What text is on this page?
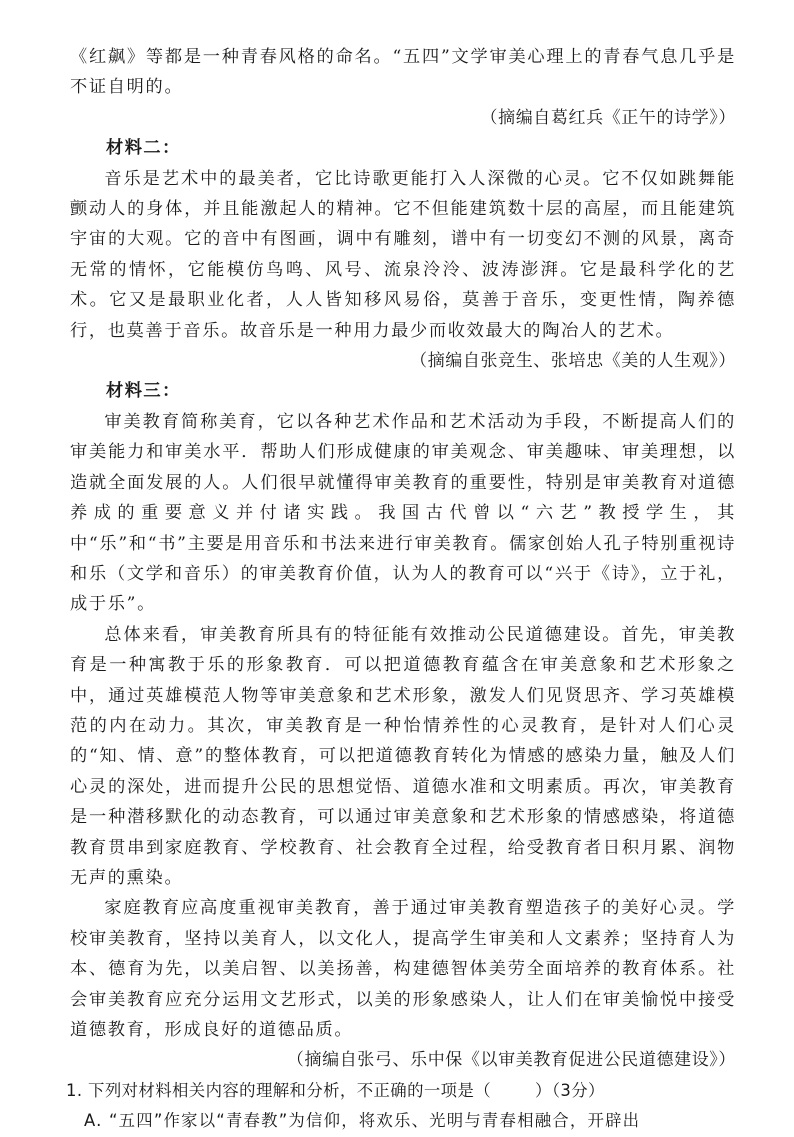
《红飙》等都是一种青春风格的命名。“五四”文学审美心理上的青春气息几乎是不证自明的。

（摘编自葛红兵《正午的诗学》）

材料二：

音乐是艺术中的最美者，它比诗歌更能打入人深微的心灵。它不仅如跳舞能颤动人的身体，并且能激起人的精神。它不但能建筑数十层的高屋，而且能建筑宇宙的大观。它的音中有图画，调中有雕刻，谱中有一切变幻不测的风景，离奇无常的情怀，它能模仿鸟鸣、风号、流泉泠泠、波涛澎湃。它是最科学化的艺术。它又是最职业化者，人人皆知移风易俗，莫善于音乐，变更性情，陶养德行，也莫善于音乐。故音乐是一种用力最少而收效最大的陶冶人的艺术。

（摘编自张竞生、张培忠《美的人生观》）

材料三：

审美教育简称美育，它以各种艺术作品和艺术活动为手段，不断提高人们的审美能力和审美水平．帮助人们形成健康的审美观念、审美趣味、审美理想，以造就全面发展的人。人们很早就懂得审美教育的重要性，特别是审美教育对道德养成的重要意义并付诸实践。我国古代曾以“六艺”教授学生，其中“乐”和“书”主要是用音乐和书法来进行审美教育。儒家创始人孔子特别重视诗和乐（文学和音乐）的审美教育价值，认为人的教育可以“兴于《诗》，立于礼，成于乐”。

总体来看，审美教育所具有的特征能有效推动公民道德建设。首先，审美教育是一种寓教于乐的形象教育．可以把道德教育蕴含在审美意象和艺术形象之中，通过英雄模范人物等审美意象和艺术形象，激发人们见贤思齐、学习英雄模范的内在动力。其次，审美教育是一种怡情养性的心灵教育，是针对人们心灵的“知、情、意”的整体教育，可以把道德教育转化为情感的感染力量，触及人们心灵的深处，进而提升公民的思想觉悟、道德水准和文明素质。再次，审美教育是一种潜移默化的动态教育，可以通过审美意象和艺术形象的情感感染，将道德教育贯串到家庭教育、学校教育、社会教育全过程，给受教育者日积月累、润物无声的熏染。

家庭教育应高度重视审美教育，善于通过审美教育塑造孩子的美好心灵。学校审美教育，坚持以美育人，以文化人，提高学生审美和人文素养；坚持育人为本、德育为先，以美启智、以美扬善，构建德智体美劳全面培养的教育体系。社会审美教育应充分运用文艺形式，以美的形象感染人，让人们在审美愉悦中接受道德教育，形成良好的道德品质。

（摘编自张弓、乐中保《以审美教育促进公民道德建设》）

1. 下列对材料相关内容的理解和分析，不正确的一项是（	）（3分）

A. “五四”作家以“青春教”为信仰，将欢乐、光明与青春相融合，开辟出
